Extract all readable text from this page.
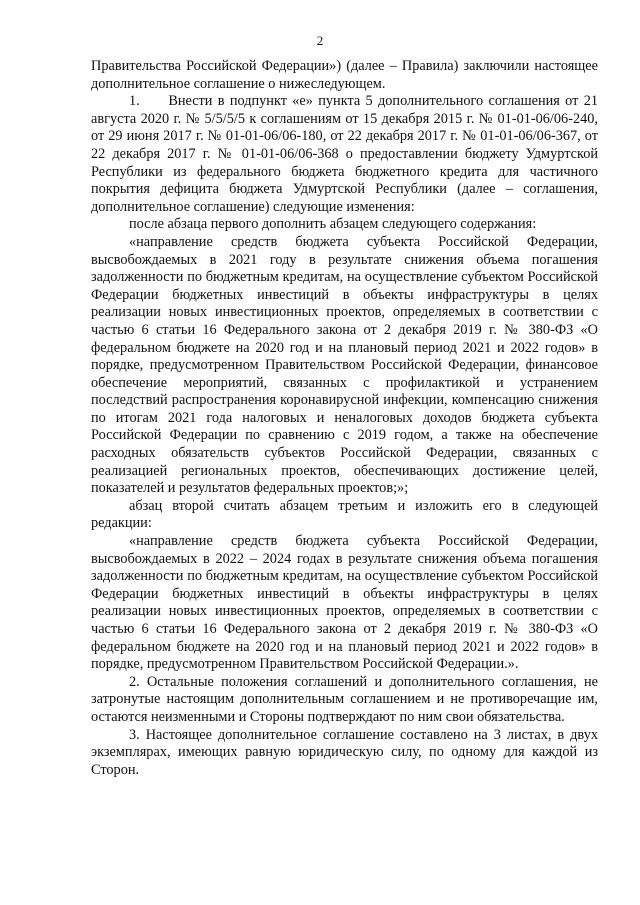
2

Правительства Российской Федерации») (далее – Правила) заключили настоящее дополнительное соглашение о нижеследующем.

1.  Внести в подпункт «е» пункта 5 дополнительного соглашения от 21 августа 2020 г. № 5/5/5/5 к соглашениям от 15 декабря 2015 г. № 01-01-06/06-240, от 29 июня 2017 г. № 01-01-06/06-180, от 22 декабря 2017 г. № 01-01-06/06-367, от 22 декабря 2017 г. № 01-01-06/06-368 о предоставлении бюджету Удмуртской Республики из федерального бюджета бюджетного кредита для частичного покрытия дефицита бюджета Удмуртской Республики (далее – соглашения, дополнительное соглашение) следующие изменения:

после абзаца первого дополнить абзацем следующего содержания:

«направление средств бюджета субъекта Российской Федерации, высвобождаемых в 2021 году в результате снижения объема погашения задолженности по бюджетным кредитам, на осуществление субъектом Российской Федерации бюджетных инвестиций в объекты инфраструктуры в целях реализации новых инвестиционных проектов, определяемых в соответствии с частью 6 статьи 16 Федерального закона от 2 декабря 2019 г. № 380-ФЗ «О федеральном бюджете на 2020 год и на плановый период 2021 и 2022 годов» в порядке, предусмотренном Правительством Российской Федерации, финансовое обеспечение мероприятий, связанных с профилактикой и устранением последствий распространения коронавирусной инфекции, компенсацию снижения по итогам 2021 года налоговых и неналоговых доходов бюджета субъекта Российской Федерации по сравнению с 2019 годом, а также на обеспечение расходных обязательств субъектов Российской Федерации, связанных с реализацией региональных проектов, обеспечивающих достижение целей, показателей и результатов федеральных проектов;»;

абзац второй считать абзацем третьим и изложить его в следующей редакции:

«направление средств бюджета субъекта Российской Федерации, высвобождаемых в 2022 – 2024 годах в результате снижения объема погашения задолженности по бюджетным кредитам, на осуществление субъектом Российской Федерации бюджетных инвестиций в объекты инфраструктуры в целях реализации новых инвестиционных проектов, определяемых в соответствии с частью 6 статьи 16 Федерального закона от 2 декабря 2019 г. № 380-ФЗ «О федеральном бюджете на 2020 год и на плановый период 2021 и 2022 годов» в порядке, предусмотренном Правительством Российской Федерации.».

2. Остальные положения соглашений и дополнительного соглашения, не затронутые настоящим дополнительным соглашением и не противоречащие им, остаются неизменными и Стороны подтверждают по ним свои обязательства.

3. Настоящее дополнительное соглашение составлено на 3 листах, в двух экземплярах, имеющих равную юридическую силу, по одному для каждой из Сторон.
